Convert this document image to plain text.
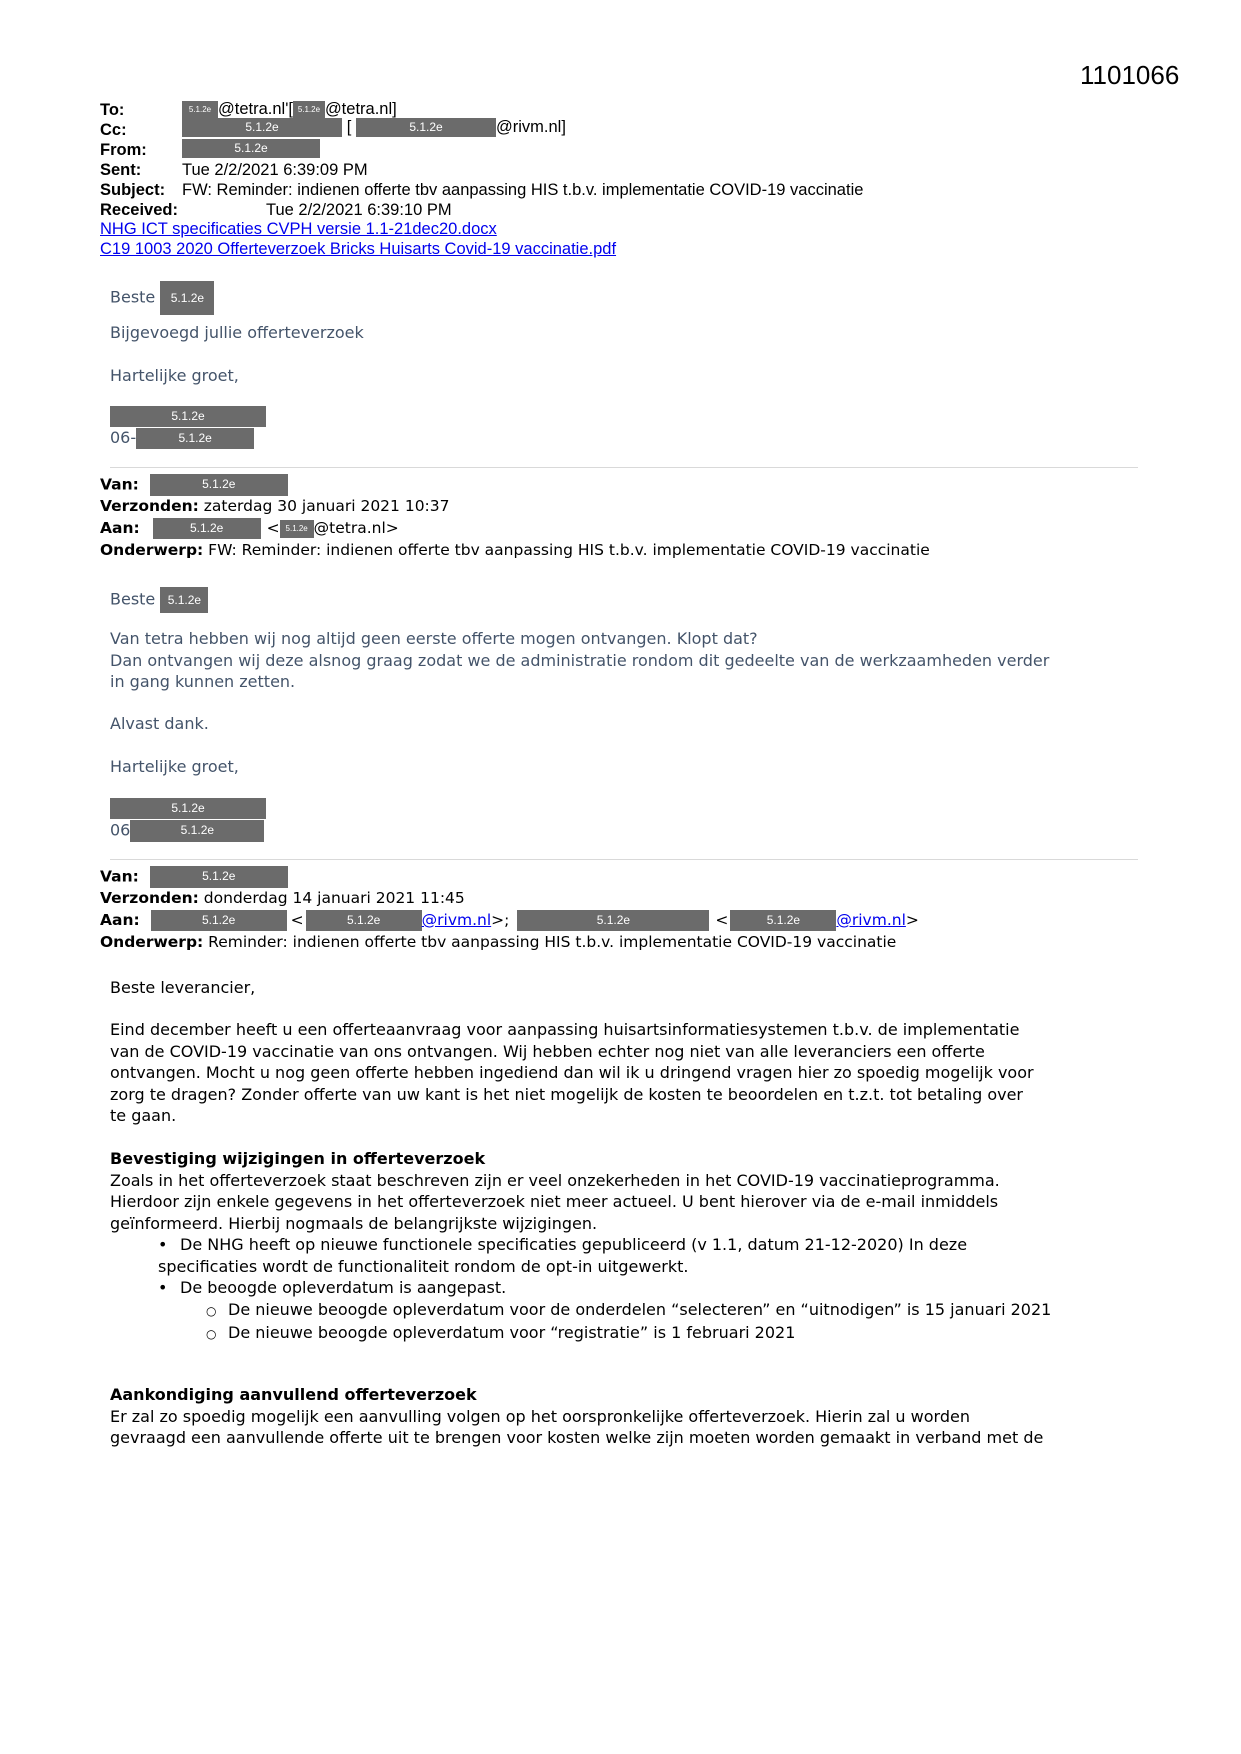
1101066
To:	5.1.2e @tetra.nl'[ 5.1.2e @tetra.nl]
Cc:	5.1.2e	[	5.1.2e	@rivm.nl]
From:	5.1.2e
Sent: Tue 2/2/2021 6:39:09 PM
Subject: FW: Reminder: indienen offerte tbv aanpassing HIS t.b.v. implementatie COVID-19 vaccinatie
Received:	Tue 2/2/2021 6:39:10 PM
NHG ICT specificaties CVPH versie 1.1-21dec20.docx
C19 1003 2020 Offerteverzoek Bricks Huisarts Covid-19 vaccinatie.pdf
Beste 5.1.2e
Bijgevoegd jullie offerteverzoek
Hartelijke groet,
5.1.2e
06-	5.1.2e
Van:	5.1.2e
Verzonden: zaterdag 30 januari 2021 10:37
Aan:	5.1.2e	< 5.1.2e @tetra.nl>
Onderwerp: FW: Reminder: indienen offerte tbv aanpassing HIS t.b.v. implementatie COVID-19 vaccinatie
Beste 5.1.2e
Van tetra hebben wij nog altijd geen eerste offerte mogen ontvangen. Klopt dat?
Dan ontvangen wij deze alsnog graag zodat we de administratie rondom dit gedeelte van de werkzaamheden verder
in gang kunnen zetten.
Alvast dank.
Hartelijke groet,
5.1.2e
06	5.1.2e
Van:	5.1.2e
Verzonden: donderdag 14 januari 2021 11:45
Aan:	5.1.2e	<	5.1.2e	@rivm.nl>;	5.1.2e	<	5.1.2e @rivm.nl>
Onderwerp: Reminder: indienen offerte tbv aanpassing HIS t.b.v. implementatie COVID-19 vaccinatie
Beste leverancier,
Eind december heeft u een offerteaanvraag voor aanpassing huisartsinformatiesystemen t.b.v. de implementatie
van de COVID-19 vaccinatie van ons ontvangen. Wij hebben echter nog niet van alle leveranciers een offerte
ontvangen. Mocht u nog geen offerte hebben ingediend dan wil ik u dringend vragen hier zo spoedig mogelijk voor
zorg te dragen? Zonder offerte van uw kant is het niet mogelijk de kosten te beoordelen en t.z.t. tot betaling over
te gaan.
Bevestiging wijzigingen in offerteverzoek
Zoals in het offerteverzoek staat beschreven zijn er veel onzekerheden in het COVID-19 vaccinatieprogramma.
Hierdoor zijn enkele gegevens in het offerteverzoek niet meer actueel. U bent hierover via de e-mail inmiddels
geïnformeerd. Hierbij nogmaals de belangrijkste wijzigingen.
• De NHG heeft op nieuwe functionele specificaties gepubliceerd (v 1.1, datum 21-12-2020) In deze
specificaties wordt de functionaliteit rondom de opt-in uitgewerkt.
• De beoogde opleverdatum is aangepast.
○ De nieuwe beoogde opleverdatum voor de onderdelen “selecteren” en “uitnodigen” is 15 januari 2021
○ De nieuwe beoogde opleverdatum voor “registratie” is 1 februari 2021
Aankondiging aanvullend offerteverzoek
Er zal zo spoedig mogelijk een aanvulling volgen op het oorspronkelijke offerteverzoek. Hierin zal u worden
gevraagd een aanvullende offerte uit te brengen voor kosten welke zijn moeten worden gemaakt in verband met de
